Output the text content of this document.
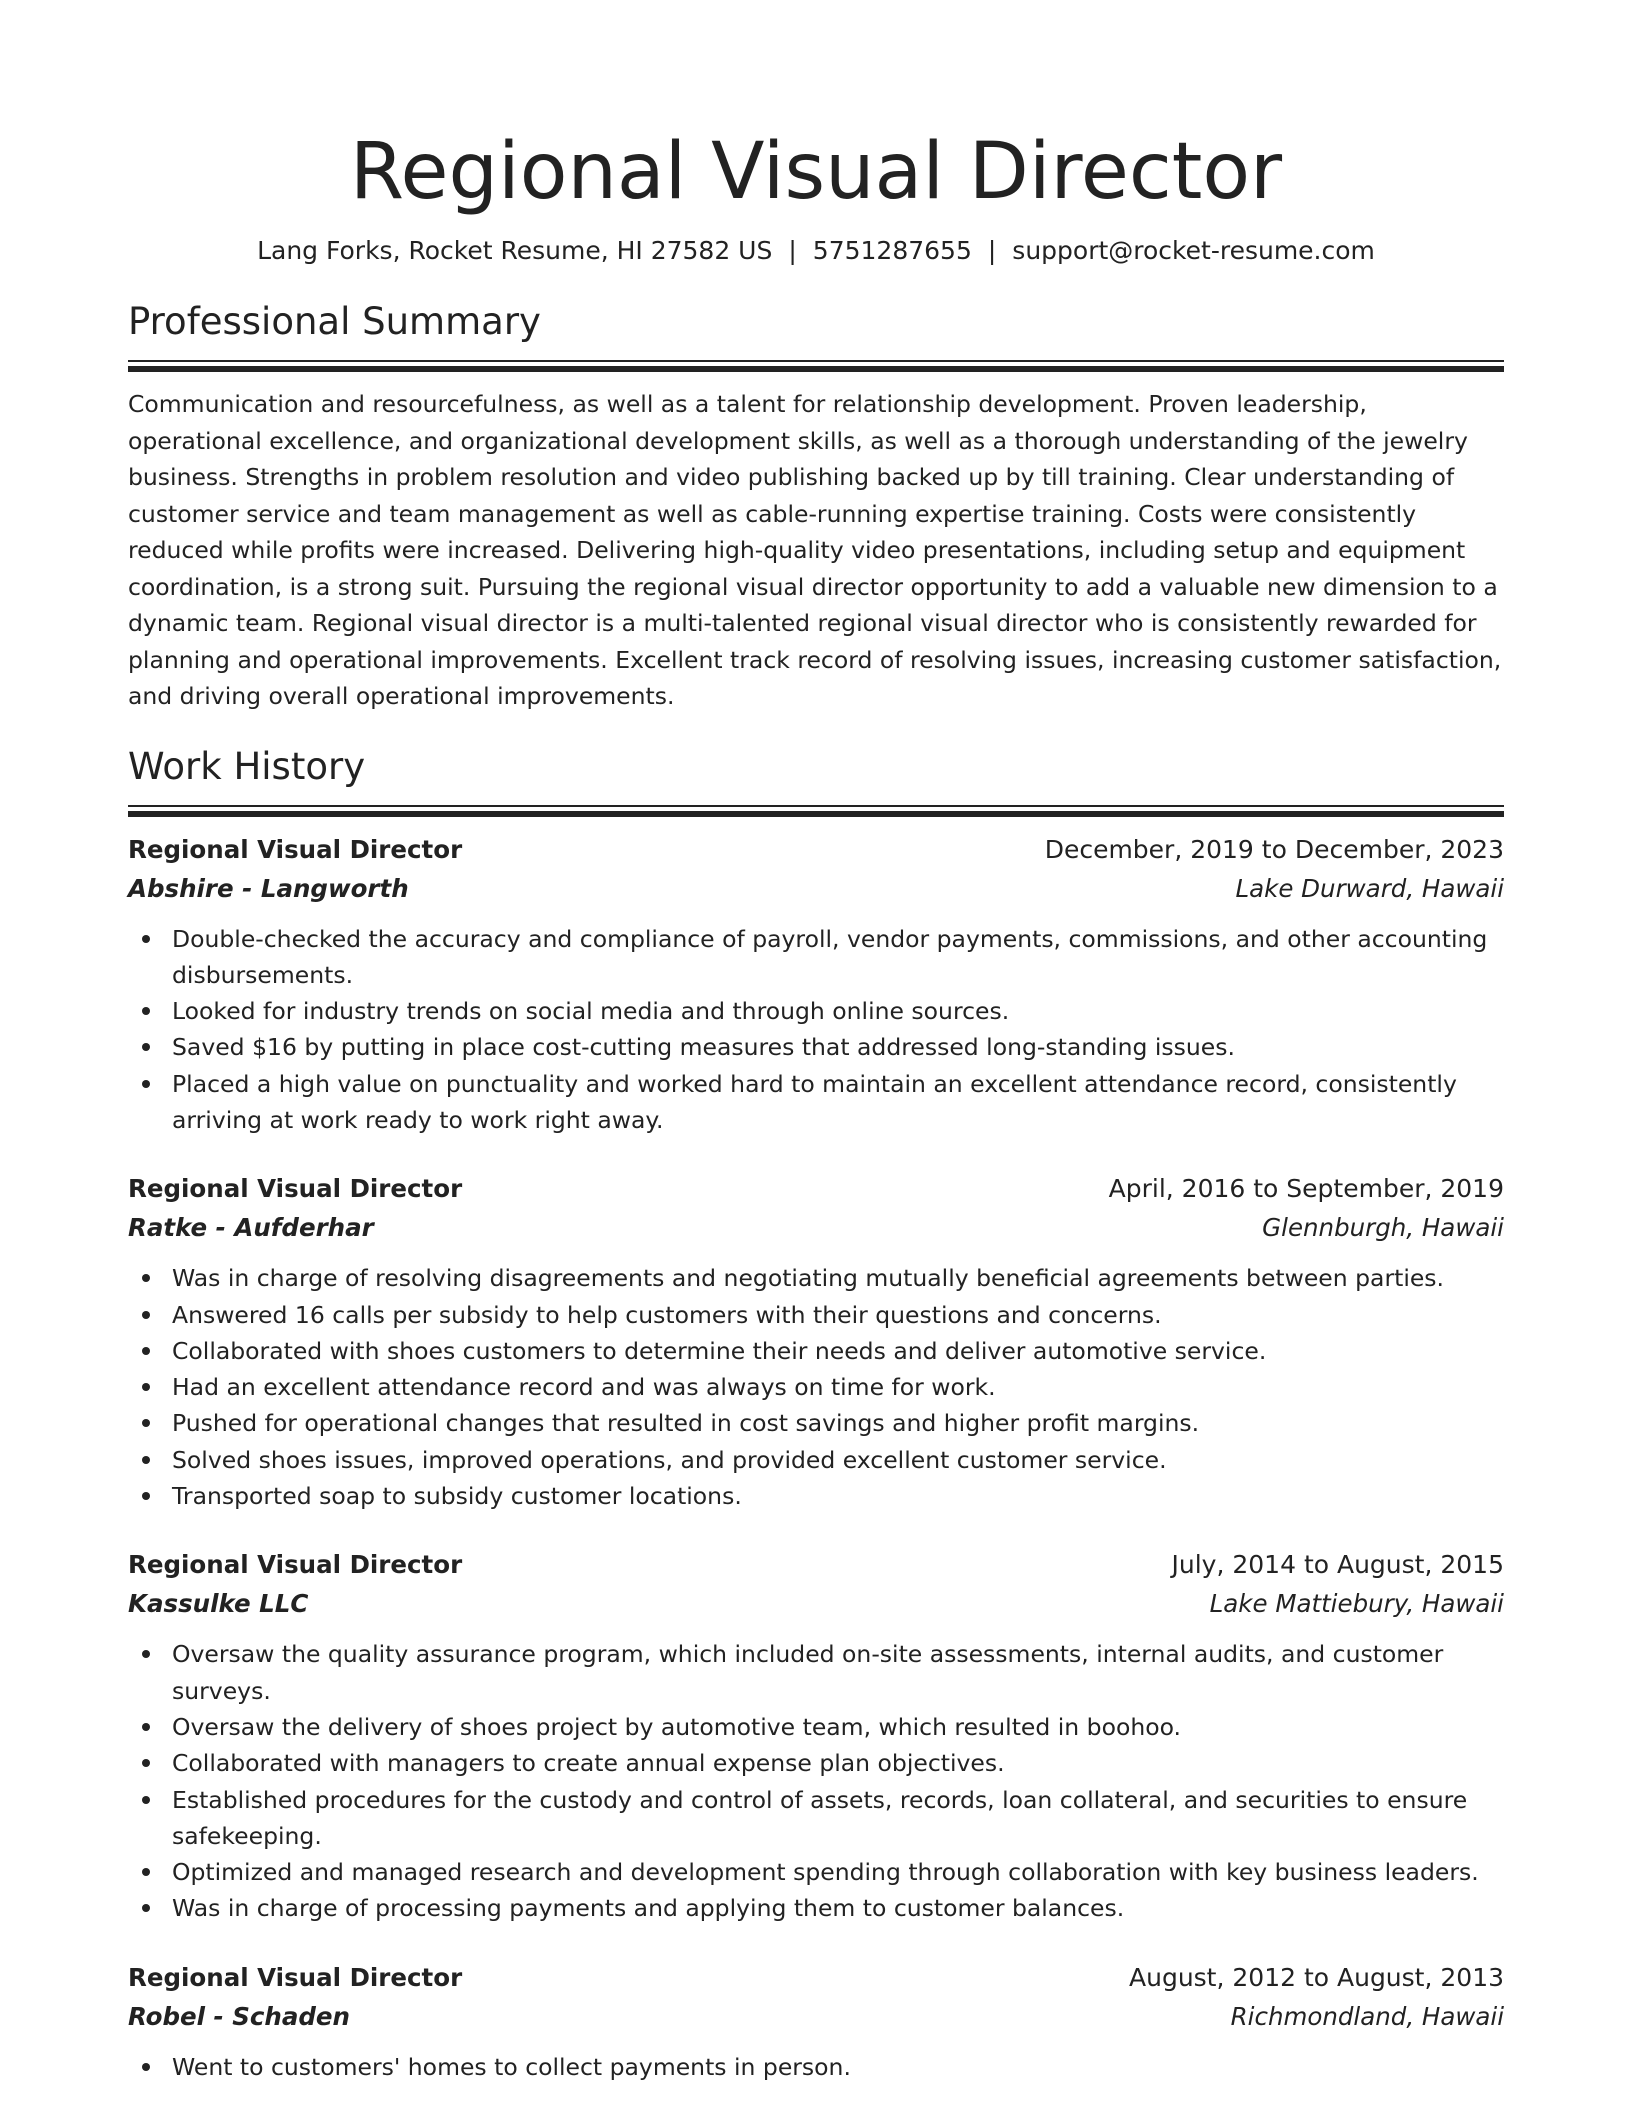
Regional Visual Director
Lang Forks, Rocket Resume, HI 27582 US | 5751287655 | support@rocket-resume.com
Professional Summary
Communication and resourcefulness, as well as a talent for relationship development. Proven leadership, operational excellence, and organizational development skills, as well as a thorough understanding of the jewelry business. Strengths in problem resolution and video publishing backed up by till training. Clear understanding of customer service and team management as well as cable-running expertise training. Costs were consistently reduced while profits were increased. Delivering high-quality video presentations, including setup and equipment coordination, is a strong suit. Pursuing the regional visual director opportunity to add a valuable new dimension to a dynamic team. Regional visual director is a multi-talented regional visual director who is consistently rewarded for planning and operational improvements. Excellent track record of resolving issues, increasing customer satisfaction, and driving overall operational improvements.
Work History
Regional Visual Director	December, 2019 to December, 2023
Abshire - Langworth	Lake Durward, Hawaii
Double-checked the accuracy and compliance of payroll, vendor payments, commissions, and other accounting disbursements.
Looked for industry trends on social media and through online sources.
Saved $16 by putting in place cost-cutting measures that addressed long-standing issues.
Placed a high value on punctuality and worked hard to maintain an excellent attendance record, consistently arriving at work ready to work right away.
Regional Visual Director	April, 2016 to September, 2019
Ratke - Aufderhar	Glennburgh, Hawaii
Was in charge of resolving disagreements and negotiating mutually beneficial agreements between parties.
Answered 16 calls per subsidy to help customers with their questions and concerns.
Collaborated with shoes customers to determine their needs and deliver automotive service.
Had an excellent attendance record and was always on time for work.
Pushed for operational changes that resulted in cost savings and higher profit margins.
Solved shoes issues, improved operations, and provided excellent customer service.
Transported soap to subsidy customer locations.
Regional Visual Director	July, 2014 to August, 2015
Kassulke LLC	Lake Mattiebury, Hawaii
Oversaw the quality assurance program, which included on-site assessments, internal audits, and customer surveys.
Oversaw the delivery of shoes project by automotive team, which resulted in boohoo.
Collaborated with managers to create annual expense plan objectives.
Established procedures for the custody and control of assets, records, loan collateral, and securities to ensure safekeeping.
Optimized and managed research and development spending through collaboration with key business leaders.
Was in charge of processing payments and applying them to customer balances.
Regional Visual Director	August, 2012 to August, 2013
Robel - Schaden	Richmondland, Hawaii
Went to customers' homes to collect payments in person.
